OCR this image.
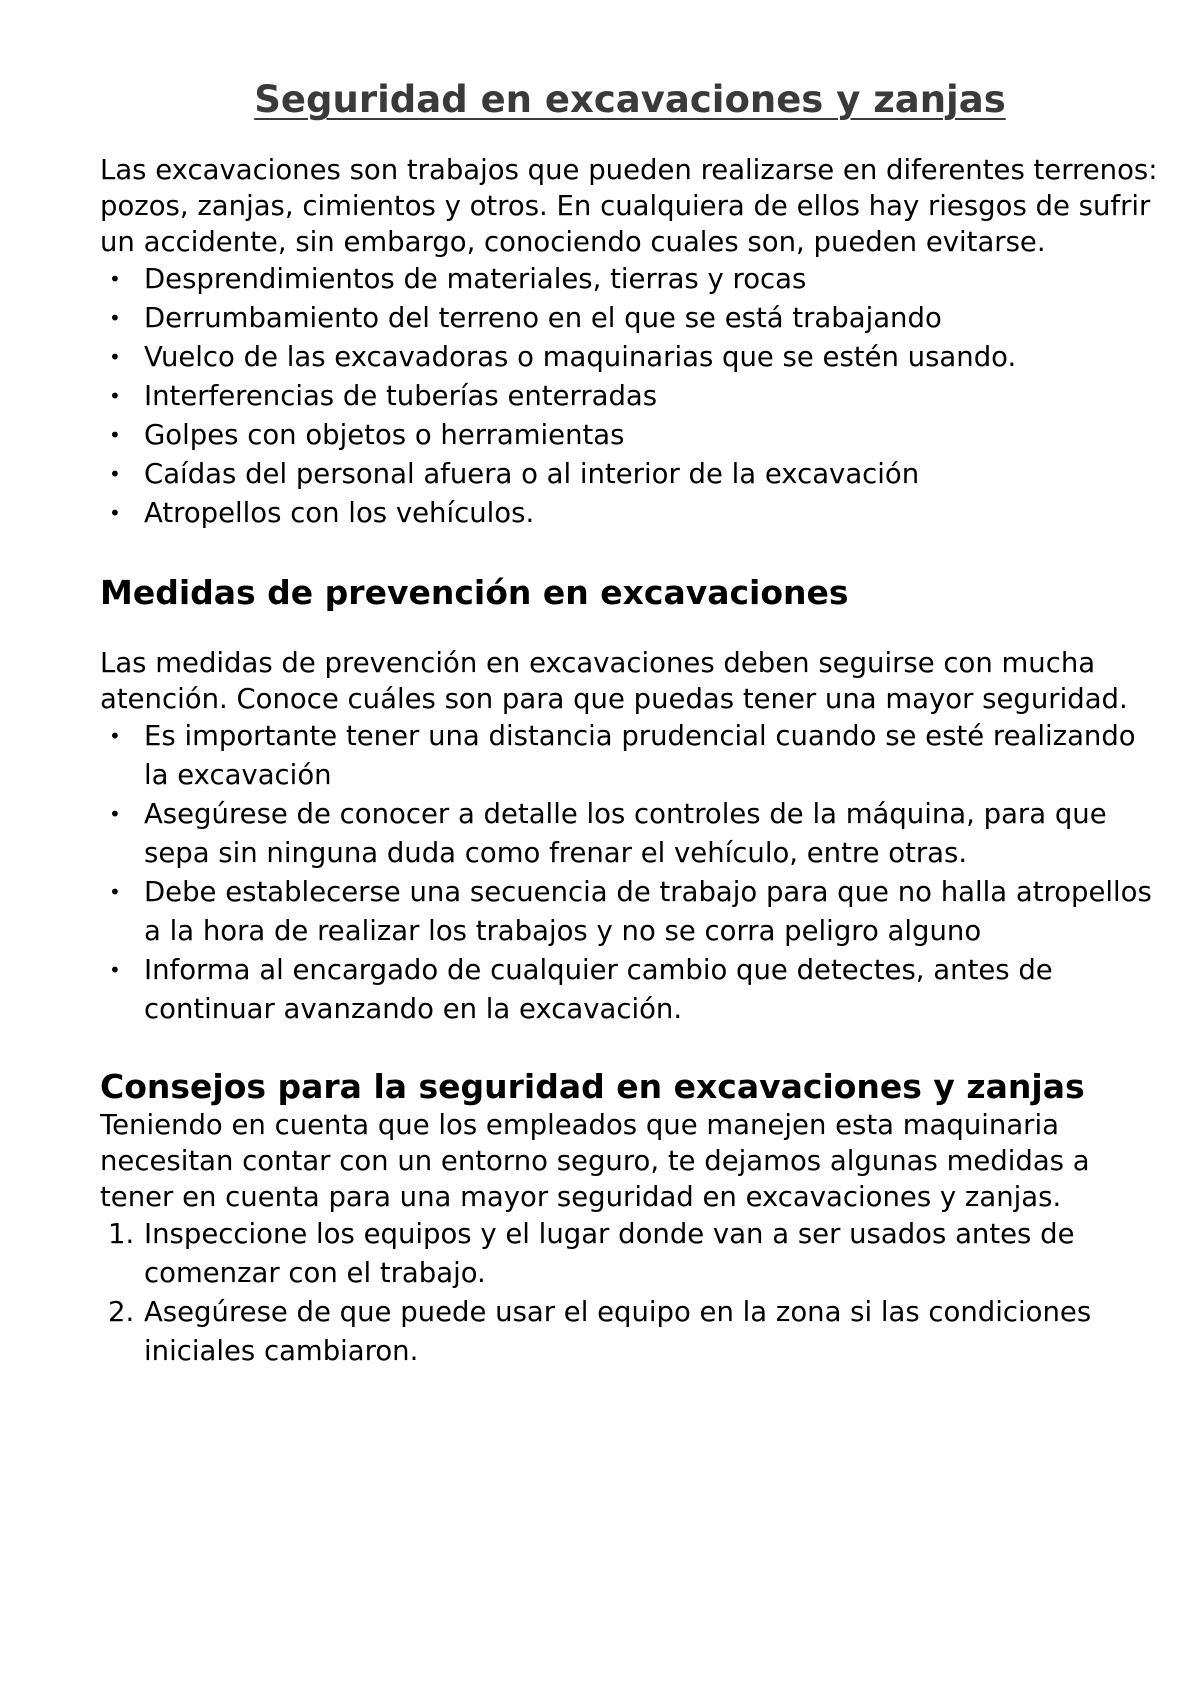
Seguridad en excavaciones y zanjas

Las excavaciones son trabajos que pueden realizarse en diferentes terrenos: pozos, zanjas, cimientos y otros. En cualquiera de ellos hay riesgos de sufrir un accidente, sin embargo, conociendo cuales son, pueden evitarse.

• Desprendimientos de materiales, tierras y rocas
• Derrumbamiento del terreno en el que se está trabajando
• Vuelco de las excavadoras o maquinarias que se estén usando.
• Interferencias de tuberías enterradas
• Golpes con objetos o herramientas
• Caídas del personal afuera o al interior de la excavación
• Atropellos con los vehículos.
Medidas de prevención en excavaciones

Las medidas de prevención en excavaciones deben seguirse con mucha atención. Conoce cuáles son para que puedas tener una mayor seguridad.

• Es importante tener una distancia prudencial cuando se esté realizando la excavación
• Asegúrese de conocer a detalle los controles de la máquina, para que sepa sin ninguna duda como frenar el vehículo, entre otras.
• Debe establecerse una secuencia de trabajo para que no halla atropellos a la hora de realizar los trabajos y no se corra peligro alguno
• Informa al encargado de cualquier cambio que detectes, antes de continuar avanzando en la excavación.
Consejos para la seguridad en excavaciones y zanjas

Teniendo en cuenta que los empleados que manejen esta maquinaria necesitan contar con un entorno seguro, te dejamos algunas medidas a tener en cuenta para una mayor seguridad en excavaciones y zanjas.

1. Inspeccione los equipos y el lugar donde van a ser usados antes de comenzar con el trabajo.
2. Asegúrese de que puede usar el equipo en la zona si las condiciones iniciales cambiaron.
